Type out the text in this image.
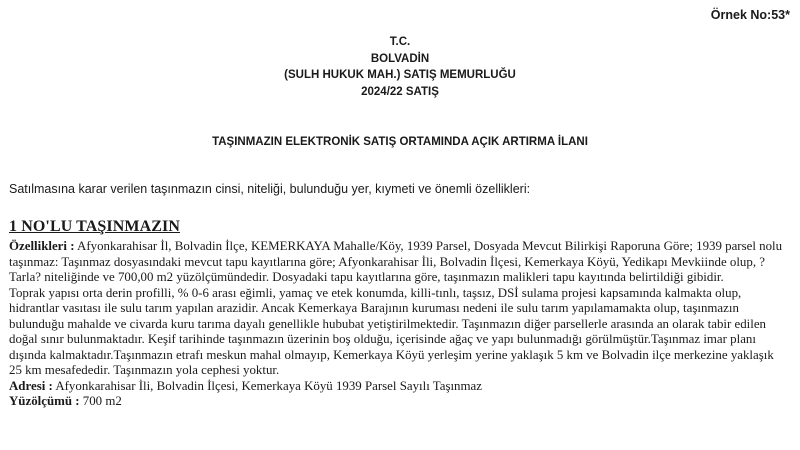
Örnek No:53*
T.C.
BOLVADİN
(SULH HUKUK MAH.) SATIŞ MEMURLUĞU
2024/22 SATIŞ
TAŞINMAZIN ELEKTRONİK SATIŞ ORTAMINDA AÇIK ARTIRMA İLANI
Satılmasına karar verilen taşınmazın cinsi, niteliği, bulunduğu yer, kıymeti ve önemli özellikleri:
1 NO'LU TAŞINMAZIN

Özellikleri : Afyonkarahisar İl, Bolvadin İlçe, KEMERKAYA Mahalle/Köy, 1939 Parsel, Dosyada Mevcut Bilirkişi Raporuna Göre; 1939 parsel nolu taşınmaz: Taşınmaz dosyasındaki mevcut tapu kayıtlarına göre; Afyonkarahisar İli, Bolvadin İlçesi, Kemerkaya Köyü, Yedikapı Mevkiinde olup, ?Tarla? niteliğinde ve 700,00 m2 yüzölçümündedir. Dosyadaki tapu kayıtlarına göre, taşınmazın malikleri tapu kayıtında belirtildiği gibidir.

Toprak yapısı orta derin profilli, % 0-6 arası eğimli, yamaç ve etek konumda, killi-tınlı, taşsız, DSİ sulama projesi kapsamında kalmakta olup, hidrantlar vasıtası ile sulu tarım yapılan arazidir. Ancak Kemerkaya Barajının kuruması nedeni ile sulu tarım yapılamamakta olup, taşınmazın bulunduğu mahalde ve civarda kuru tarıma dayalı genellikle hububat yetiştirilmektedir. Taşınmazın diğer parsellerle arasında an olarak tabir edilen doğal sınır bulunmaktadır. Keşif tarihinde taşınmazın üzerinin boş olduğu, içerisinde ağaç ve yapı bulunmadığı görülmüştür.Taşınmaz imar planı dışında kalmaktadır.Taşınmazın etrafı meskun mahal olmayıp, Kemerkaya Köyü yerleşim yerine yaklaşık 5 km ve Bolvadin ilçe merkezine yaklaşık 25 km mesafededir. Taşınmazın yola cephesi yoktur.

Adresi : Afyonkarahisar İli, Bolvadin İlçesi, Kemerkaya Köyü 1939 Parsel Sayılı Taşınmaz

Yüzölçümü : 700 m2
